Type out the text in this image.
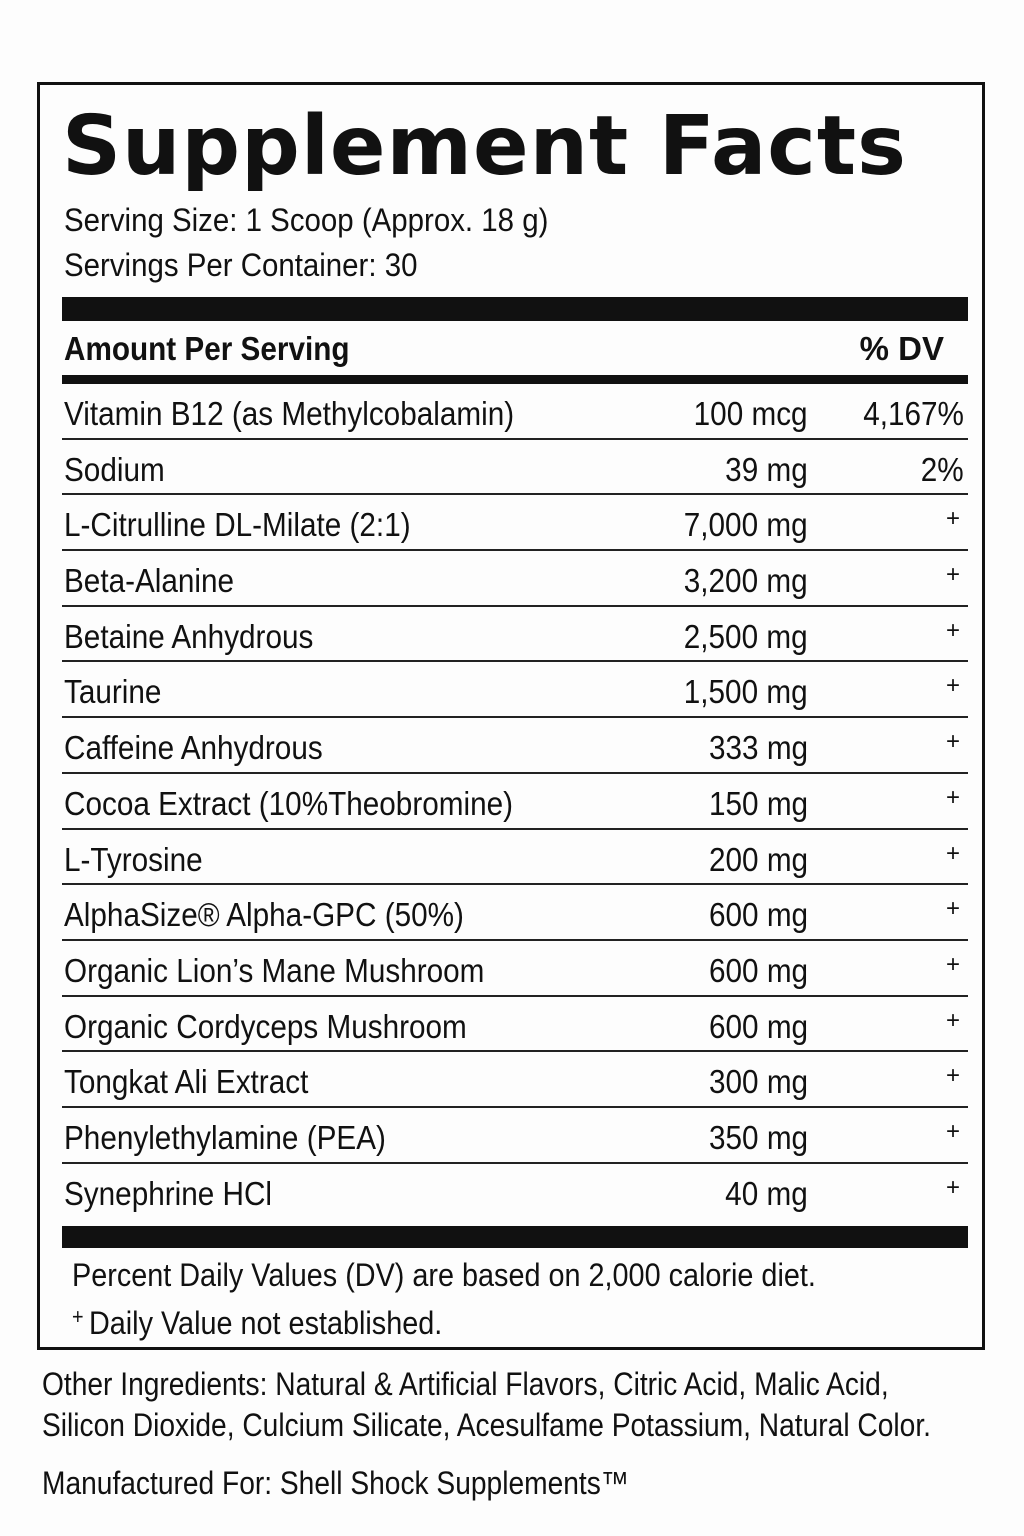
Supplement Facts
Serving Size: 1 Scoop (Approx. 18 g)
Servings Per Container: 30
Amount Per Serving	% DV
Vitamin B12 (as Methylcobalamin)	100 mcg 4,167%
Sodium	39 mg	2%
L-Citrulline DL-Milate (2:1)	7,000 mg	+
Beta-Alanine	3,200 mg	+
Betaine Anhydrous	2,500 mg	+
Taurine	1,500 mg	+
Caffeine Anhydrous	333 mg	+
Cocoa Extract (10%Theobromine)	150 mg	+
L-Tyrosine	200 mg	+
AlphaSize® Alpha-GPC (50%)	600 mg	+
Organic Lion’s Mane Mushroom	600 mg	+
Organic Cordyceps Mushroom	600 mg	+
Tongkat Ali Extract	300 mg	+
Phenylethylamine (PEA)	350 mg	+
Synephrine HCl	40 mg	+
Percent Daily Values (DV) are based on 2,000 calorie diet.
+ Daily Value not established.
Other Ingredients: Natural & Artificial Flavors, Citric Acid, Malic Acid,
Silicon Dioxide, Culcium Silicate, Acesulfame Potassium, Natural Color.
Manufactured For: Shell Shock Supplements™
